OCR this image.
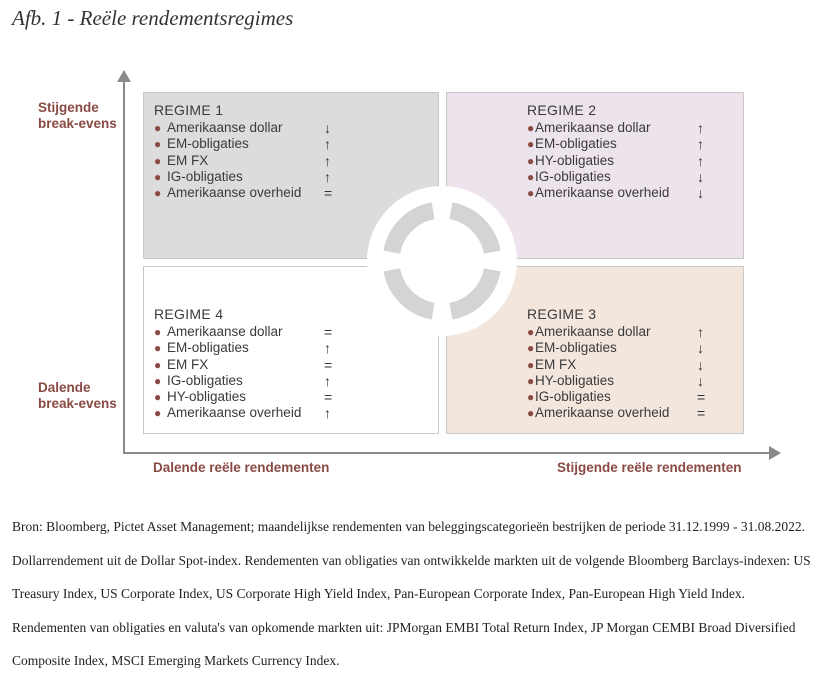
Afb. 1 - Reële rendementsregimes
Stijgende break-evens
Dalende break-evens
Dalende reële rendementen	Stijgende reële rendementen
REGIME 1
● Amerikaanse dollar	↓
● EM-obligaties	↑
● EM FX	↑
● IG-obligaties	↑
● Amerikaanse overheid =
REGIME 2
● Amerikaanse dollar	↑
● EM-obligaties	↑
● HY-obligaties	↑
● IG-obligaties	↓
● Amerikaanse overheid ↓
REGIME 4
● Amerikaanse dollar	=
● EM-obligaties	↑
● EM FX	=
● IG-obligaties	↑
● HY-obligaties	=
● Amerikaanse overheid ↑
REGIME 3
● Amerikaanse dollar	↑
● EM-obligaties	↓
● EM FX	↓
● HY-obligaties	↓
● IG-obligaties	=
● Amerikaanse overheid =
Bron: Bloomberg, Pictet Asset Management; maandelijkse rendementen van beleggingscategorieën bestrijken de periode 31.12.1999 - 31.08.2022. Dollarrendement uit de Dollar Spot-index. Rendementen van obligaties van ontwikkelde markten uit de volgende Bloomberg Barclays-indexen: US Treasury Index, US Corporate Index, US Corporate High Yield Index, Pan-European Corporate Index, Pan-European High Yield Index. Rendementen van obligaties en valuta's van opkomende markten uit: JPMorgan EMBI Total Return Index, JP Morgan CEMBI Broad Diversified Composite Index, MSCI Emerging Markets Currency Index.
